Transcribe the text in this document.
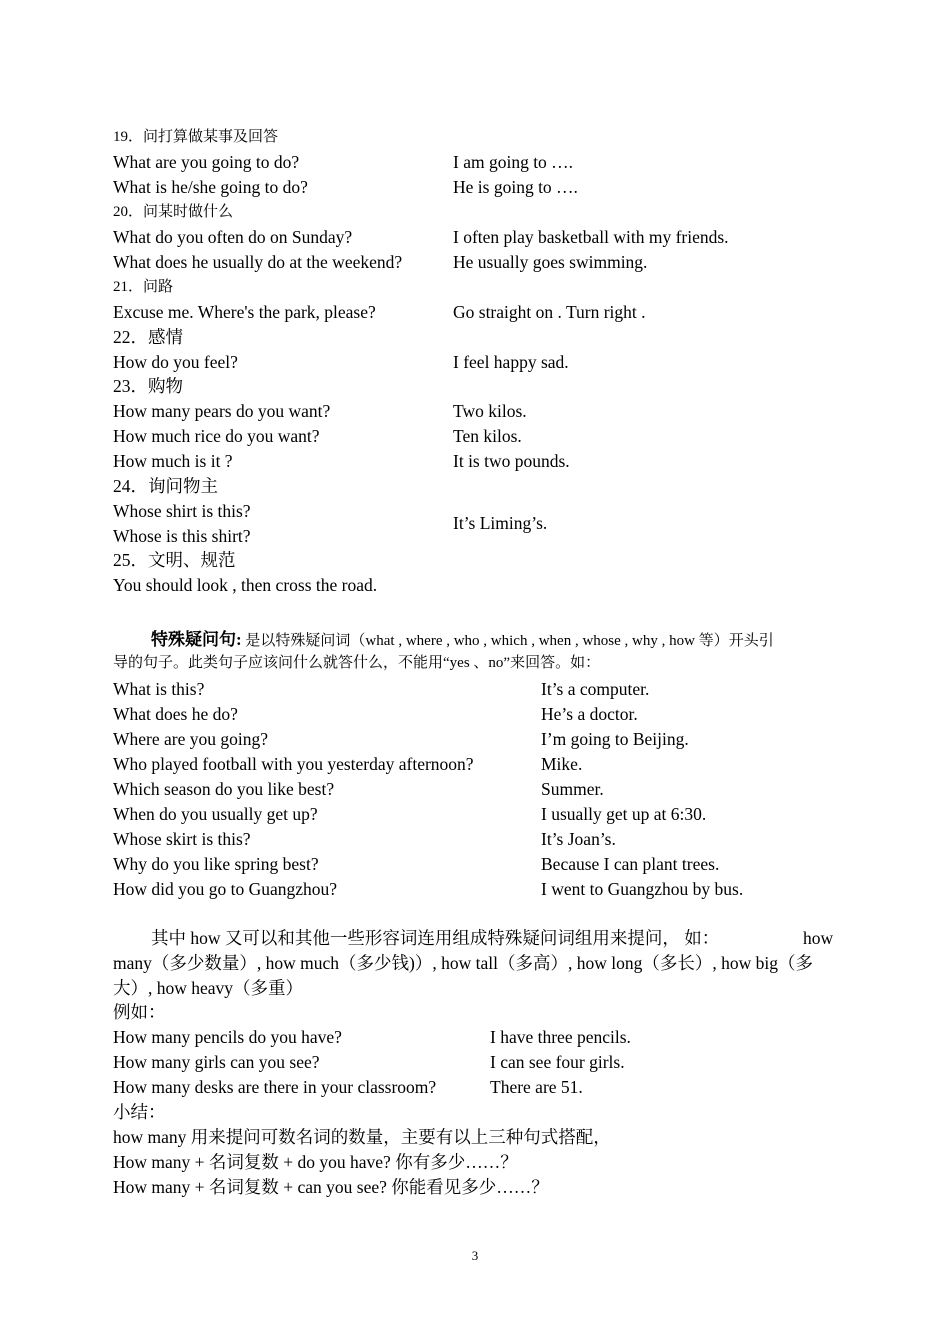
19．问打算做某事及回答
What are you going to do?	I am going to ….
What is he/she going to do?	He is going to ….
20．问某时做什么
What do you often do on Sunday?	I often play basketball with my friends.
What does he usually do at the weekend?	He usually goes swimming.
21．问路
Excuse me. Where's the park, please?	Go straight on . Turn right .
22．感情
How do you feel?	I feel happy sad.
23．购物
How many pears do you want?	Two kilos.
How much rice do you want?	Ten kilos.
How much is it ?	It is two pounds.
24．询问物主
Whose shirt is this?
Whose is this shirt?
It’s Liming’s.
25．文明、规范
You should look , then cross the road.
特殊疑问句: 是以特殊疑问词（what , where , who , which , when , whose , why , how 等）开头引
导的句子。此类句子应该问什么就答什么，不能用“yes 、no”来回答。如：
What is this?	It’s a computer.
What does he do?	He’s a doctor.
Where are you going?	I’m going to Beijing.
Who played football with you yesterday afternoon?	Mike.
Which season do you like best?	Summer.
When do you usually get up?	I usually get up at 6:30.
Whose skirt is this?	It’s Joan’s.
Why do you like spring best?	Because I can plant trees.
How did you go to Guangzhou?	I went to Guangzhou by bus.
其中 how 又可以和其他一些形容词连用组成特殊疑问词组用来提问， 如：	how
many（多少数量）, how much（多少钱)）, how tall（多高）, how long（多长）, how big（多
大）, how heavy（多重）
例如：
How many pencils do you have?	I have three pencils.
How many girls can you see?	I can see four girls.
How many desks are there in your classroom?	There are 51.
小结：
how many 用来提问可数名词的数量，主要有以上三种句式搭配，
How many + 名词复数 + do you have? 你有多少……？
How many + 名词复数 + can you see? 你能看见多少……？
3
